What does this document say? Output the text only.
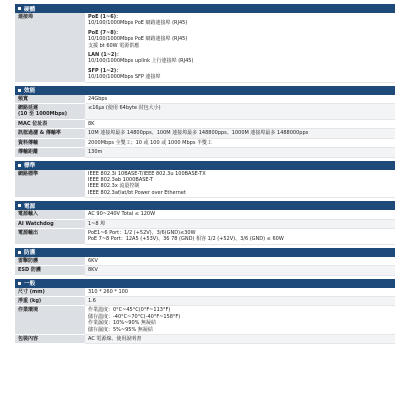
硬體
連接埠	PoE (1~6)：
10/100/1000Mbps PoE 網路連接埠 (RJ45)
PoE (7~8)：
10/100/1000Mbps PoE 網路連接埠 (RJ45)
支援 bt 60W 電源供應
LAN (1~2)：
10/100/1000Mbps uplink 上行連接埠 (RJ45)
SFP (1~2)：
10/100/1000Mbps SFP 連接埠
效能
頻寬	24Gbps

網路延遲
(10 至 1000Mbps)	≤16μs (使用 64byte 封包大小)

MAC 位址表	8K

訊框過濾 & 傳輸率	10M 連接埠最多 14800pps、100M 連接埠最多 148800pps、1000M 連接埠最多 1488000pps

資料傳輸	2000Mbps 全雙工；10 或 100 或 1000 Mbps 半雙工

傳輸距離	130m
標準
網路標準	IEEE 802.3i 10BASE-T/IEEE 802.3u 100BASE-TX
IEEE 802.3ab 1000BASE-T
IEEE 802.3x 流量控制
IEEE 802.3af/at/bt Power over Ethernet
電源
電源輸入	AC 90~240V Total ≤ 120W

AI Watchdog	1~8 埠

電源輸出	PoE1~6 Port：1/2 (+52V)、3/6(GND)≤30W
PoE 7~8 Port：12A5 (+53V)、36 78 (GND) 相容 1/2 (+52V)、3/6 (GND) ≤ 60W
防護
雷擊防護	6KV

ESD 防護	8KV
一般
尺寸 (mm)	310 * 260 * 100

淨重 (kg)	1.6

作業環境	作業溫度：0°C~45°C(0°F~113°F)
儲存溫度：-40°C~70°C(-40°F~158°F)
作業濕度：10%~90% 無凝結
儲存濕度：5%~95% 無凝結

包裝內容	AC 電源線、使用說明書
